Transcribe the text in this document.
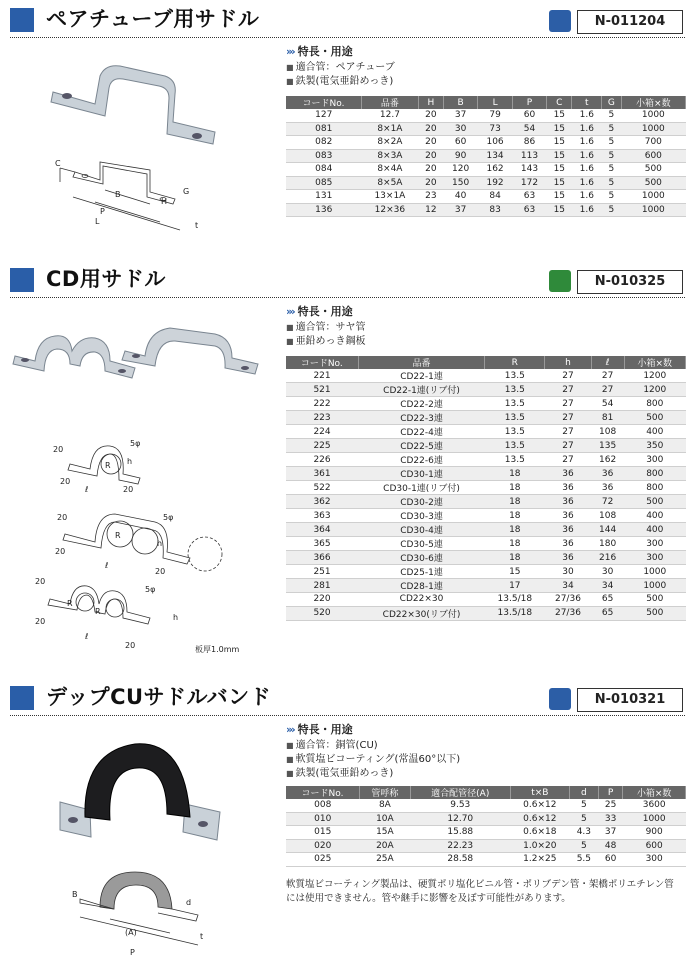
ペアチューブ用サドル	N-011204
C
B
P
L
H
G
t
››› 特長・用途
■ 適合管：ペアチューブ
■ 鉄製(電気亜鉛めっき)
コードNo.	品番	H	B	L	P	C	t	G	小箱×数
127	12.7	20	37	79	60	15	1.6	5	1000
081	8×1A	20	30	73	54	15	1.6	5	1000
082	8×2A	20	60	106	86	15	1.6	5	700
083	8×3A	20	90	134	113	15	1.6	5	600
084	8×4A	20	120	162	143	15	1.6	5	500
085	8×5A	20	150	192	172	15	1.6	5	500
131	13×1A	23	40	84	63	15	1.6	5	1000
136	12×36	12	37	83	63	15	1.6	5	1000
CD用サドル	N-010325
20
5φ
R h
20
ℓ	20
20	5φ
R
h
20
ℓ
20
20
5φ
R
R
h
20
ℓ
20	板厚1.0mm
››› 特長・用途
■ 適合管：サヤ管
■ 亜鉛めっき鋼板
コードNo.	品番	R	h	ℓ	小箱×数
221	CD22-1連	13.5	27	27	1200
521	CD22-1連(リブ付)	13.5	27	27	1200
222	CD22-2連	13.5	27	54	800
223	CD22-3連	13.5	27	81	500
224	CD22-4連	13.5	27	108	400
225	CD22-5連	13.5	27	135	350
226	CD22-6連	13.5	27	162	300
361	CD30-1連	18	36	36	800
522	CD30-1連(リブ付)	18	36	36	800
362	CD30-2連	18	36	72	500
363	CD30-3連	18	36	108	400
364	CD30-4連	18	36	144	400
365	CD30-5連	18	36	180	300
366	CD30-6連	18	36	216	300
251	CD25-1連	15	30	30	1000
281	CD28-1連	17	34	34	1000
220	CD22×30	13.5/18	27/36	65	500
520	CD22×30(リブ付)	13.5/18	27/36	65	500
デップCUサドルバンド	N-010321
B
d
(A)
P
t
››› 特長・用途
■ 適合管：銅管(CU)
■ 軟質塩ビコーティング(常温60°以下)
■ 鉄製(電気亜鉛めっき)
コードNo.	管呼称	適合配管径(A)	t×B	d	P	小箱×数
008	8A	9.53	0.6×12	5	25	3600
010	10A	12.70	0.6×12	5	33	1000
015	15A	15.88	0.6×18	4.3	37	900
020	20A	22.23	1.0×20	5	48	600
025	25A	28.58	1.2×25	5.5	60	300
軟質塩ビコーティング製品は、硬質ポリ塩化ビニル管・ポリブデン管・架橋ポリエチレン管には使用できません。管や継手に影響を及ぼす可能性があります。
